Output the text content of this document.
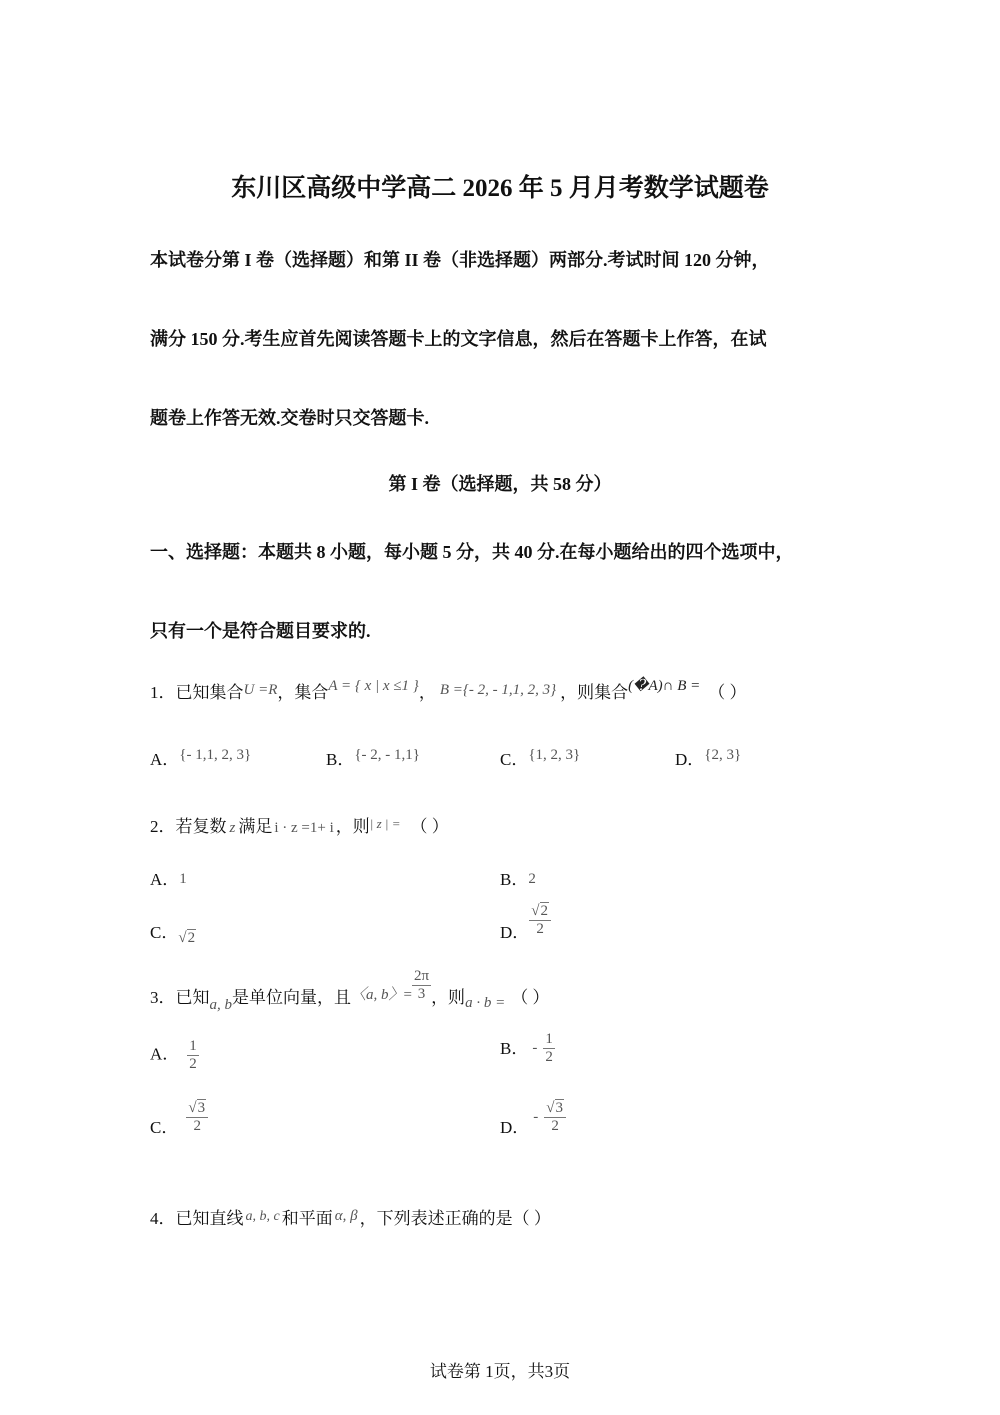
东川区高级中学高二 2026 年 5 月月考数学试题卷
本试卷分第 I 卷（选择题）和第 II 卷（非选择题）两部分.考试时间 120 分钟，
满分 150 分.考生应首先阅读答题卡上的文字信息，然后在答题卡上作答，在试
题卷上作答无效.交卷时只交答题卡.
第 I 卷（选择题，共 58 分）
一、选择题：本题共 8 小题，每小题 5 分，共 40 分.在每小题给出的四个选项中，
只有一个是符合题目要求的.
1．已知集合U =R，集合A = { x | x ≤1 }， B ={- 2, - 1,1, 2, 3} ，则集合(�A)∩ B = （ ）
A．{- 1,1, 2, 3}	B．{- 2, - 1,1}	C．{1, 2, 3}	D．{2, 3}
2．若复数 z 满足 i · z =1+ i ，则$^{| z | =}$ （ ）
A．1	B．2
C．√2	D． $\frac{√2}{2}$
3．已知a, b是单位向量，且〈a, b〉= $\frac{2\pi}{3}$ ，则a · b = （ ）
A． $\frac{1}{2}$	B． - $\frac{1}{2}$
C． $\frac{√3}{2}$	D．- $\frac{√3}{2}$
4．已知直线 $^{a, b, c}$ 和平面 α, β ，下列表述正确的是（ ）
试卷第 1页，共3页
